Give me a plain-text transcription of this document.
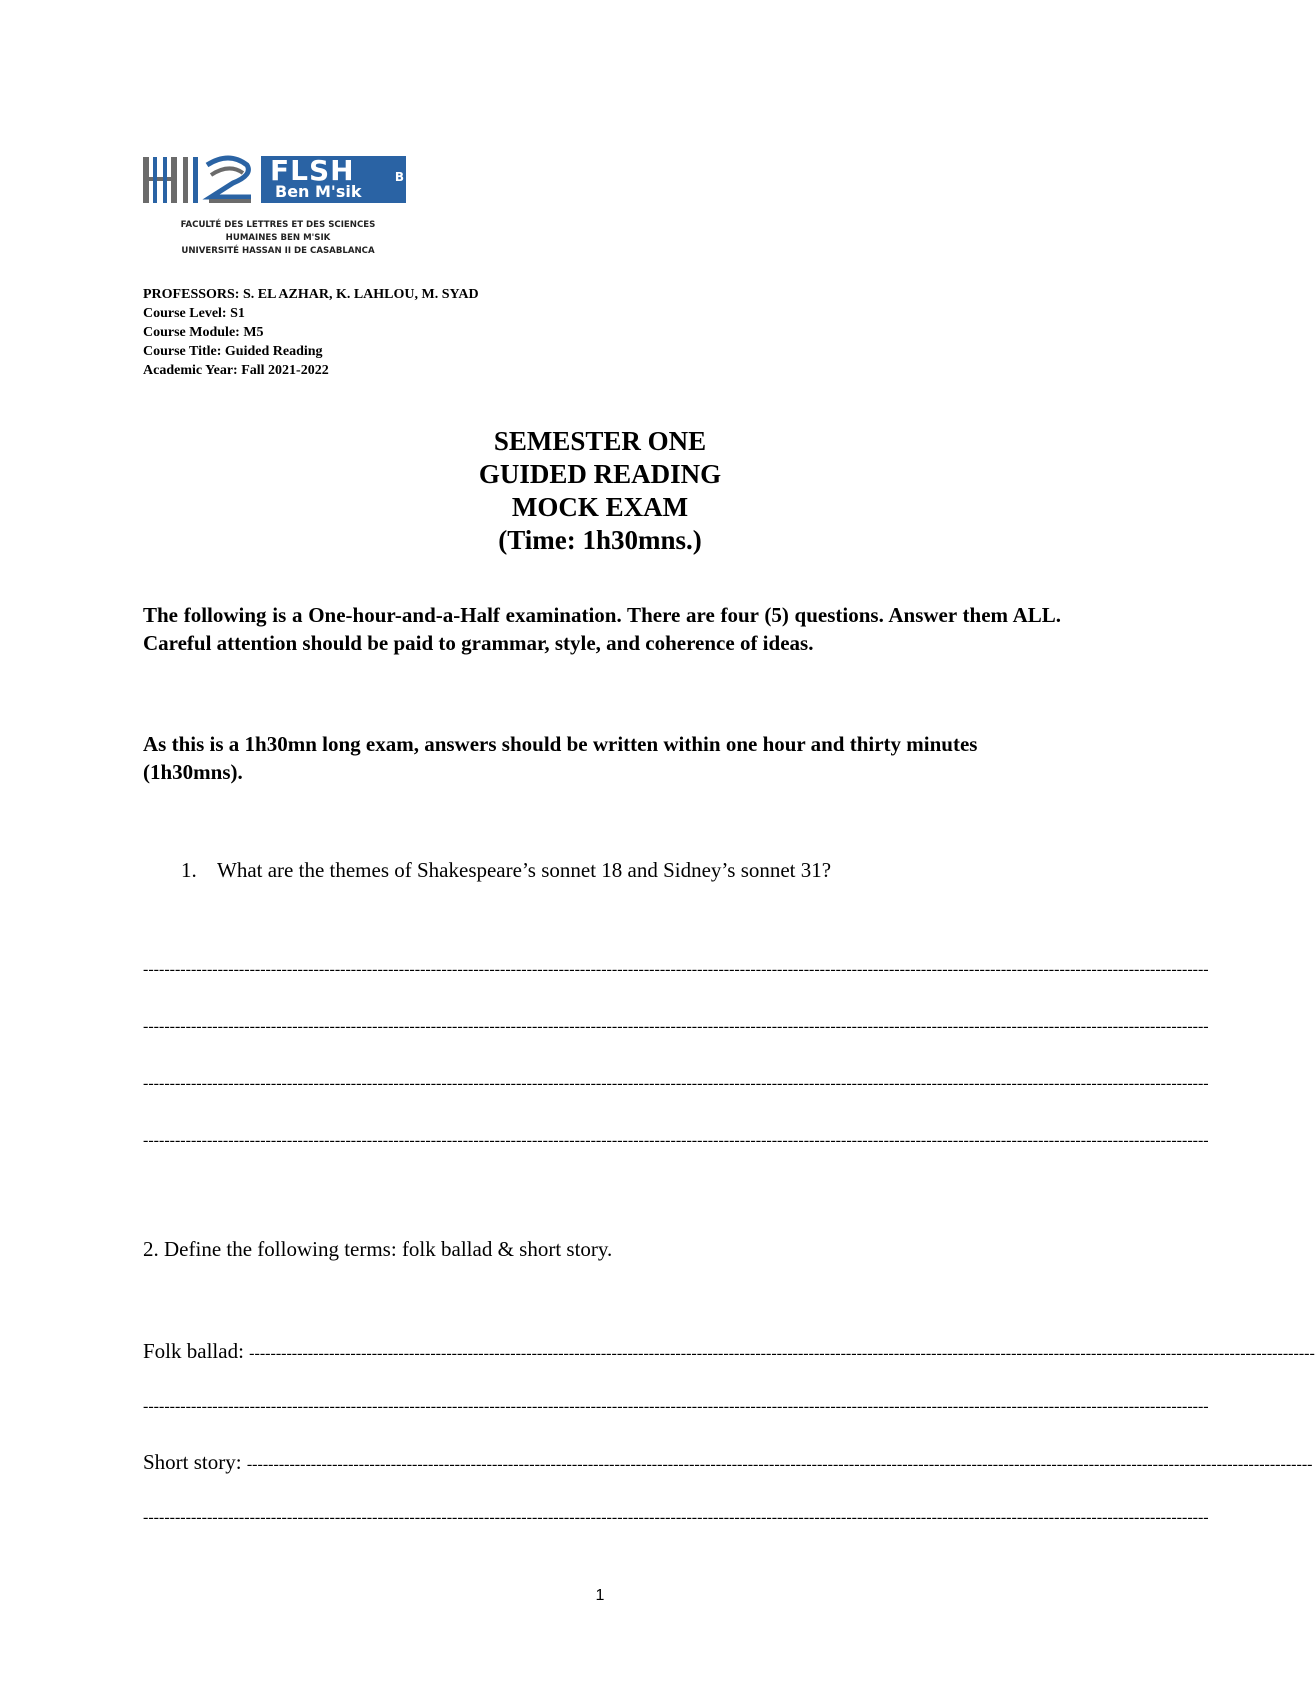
FLSH	B
Ben M'sik
FACULTÉ DES LETTRES ET DES SCIENCES
HUMAINES BEN M'SIK
UNIVERSITÉ HASSAN II DE CASABLANCA
PROFESSORS: S. EL AZHAR, K. LAHLOU, M. SYAD
Course Level: S1
Course Module: M5
Course Title: Guided Reading
Academic Year: Fall 2021-2022
SEMESTER ONE
GUIDED READING
MOCK EXAM
(Time: 1h30mns.)
The following is a One-hour-and-a-Half examination. There are four (5) questions. Answer them ALL. Careful attention should be paid to grammar, style, and coherence of ideas.
As this is a 1h30mn long exam, answers should be written within one hour and thirty minutes (1h30mns).
1. What are the themes of Shakespeare’s sonnet 18 and Sidney’s sonnet 31?
--------------------------------------------------------------------------------------------------------------------------------------------------------------------------------------------------------
--------------------------------------------------------------------------------------------------------------------------------------------------------------------------------------------------------
--------------------------------------------------------------------------------------------------------------------------------------------------------------------------------------------------------
--------------------------------------------------------------------------------------------------------------------------------------------------------------------------------------------------------
2. Define the following terms: folk ballad & short story.
Folk ballad: --------------------------------------------------------------------------------------------------------------------------------------------------------------------------------------------------------
--------------------------------------------------------------------------------------------------------------------------------------------------------------------------------------------------------
Short story: --------------------------------------------------------------------------------------------------------------------------------------------------------------------------------------------------------
--------------------------------------------------------------------------------------------------------------------------------------------------------------------------------------------------------
1
